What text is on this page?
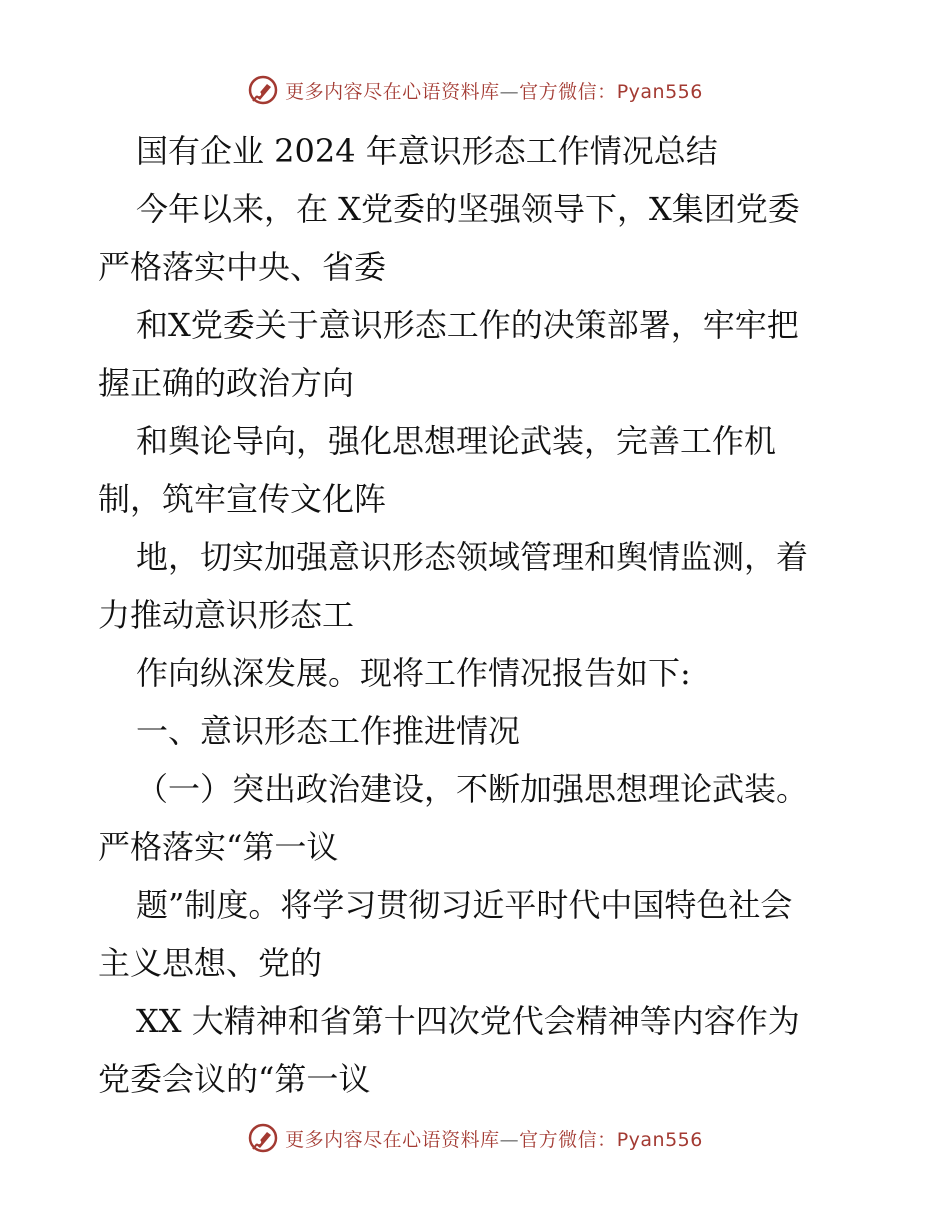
更多内容尽在心语资料库—官方微信：Pyan556
国有企业 2024 年意识形态工作情况总结
今年以来，在 X党委的坚强领导下，X集团党委
严格落实中央、省委
和X党委关于意识形态工作的决策部署，牢牢把
握正确的政治方向
和舆论导向，强化思想理论武装，完善工作机
制，筑牢宣传文化阵
地，切实加强意识形态领域管理和舆情监测，着
力推动意识形态工
作向纵深发展。现将工作情况报告如下:
一、意识形态工作推进情况
（一）突出政治建设，不断加强思想理论武装。
严格落实“第一议
题”制度。将学习贯彻习近平时代中国特色社会
主义思想、党的
XX 大精神和省第十四次党代会精神等内容作为
党委会议的“第一议
更多内容尽在心语资料库—官方微信：Pyan556
